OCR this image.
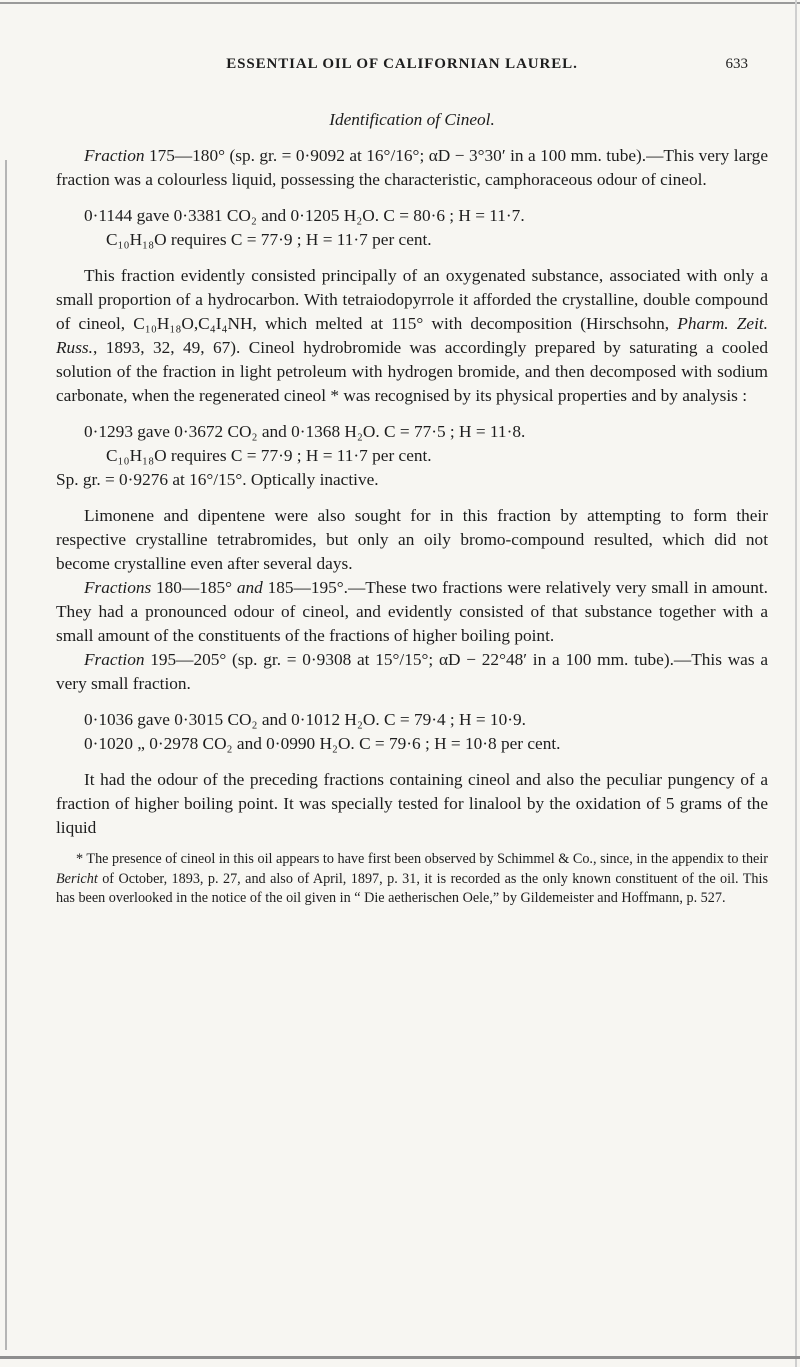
ESSENTIAL OIL OF CALIFORNIAN LAUREL.	633
Identification of Cineol.

Fraction 175—180° (sp. gr. = 0·9092 at 16°/16°; αD − 3°30′ in a 100 mm. tube).—This very large fraction was a colourless liquid, possessing the characteristic, camphoraceous odour of cineol.

0·1144 gave 0·3381 CO₂ and 0·1205 H₂O. C = 80·6 ; H = 11·7.
C₁₀H₁₈O requires C = 77·9 ; H = 11·7 per cent.

This fraction evidently consisted principally of an oxygenated substance, associated with only a small proportion of a hydrocarbon. With tetraiodopyrrole it afforded the crystalline, double compound of cineol, C₁₀H₁₈O,C₄I₄NH, which melted at 115° with decomposition (Hirschsohn, Pharm. Zeit. Russ., 1893, 32, 49, 67). Cineol hydrobromide was accordingly prepared by saturating a cooled solution of the fraction in light petroleum with hydrogen bromide, and then decomposed with sodium carbonate, when the regenerated cineol * was recognised by its physical properties and by analysis :

0·1293 gave 0·3672 CO₂ and 0·1368 H₂O. C = 77·5 ; H = 11·8.
C₁₀H₁₈O requires C = 77·9 ; H = 11·7 per cent.
Sp. gr. = 0·9276 at 16°/15°. Optically inactive.

Limonene and dipentene were also sought for in this fraction by attempting to form their respective crystalline tetrabromides, but only an oily bromo-compound resulted, which did not become crystalline even after several days.

Fractions 180—185° and 185—195°.—These two fractions were relatively very small in amount. They had a pronounced odour of cineol, and evidently consisted of that substance together with a small amount of the constituents of the fractions of higher boiling point.

Fraction 195—205° (sp. gr. = 0·9308 at 15°/15°; αD − 22°48′ in a 100 mm. tube).—This was a very small fraction.

0·1036 gave 0·3015 CO₂ and 0·1012 H₂O. C = 79·4 ; H = 10·9.
0·1020 „ 0·2978 CO₂ and 0·0990 H₂O. C = 79·6 ; H = 10·8 per cent.

It had the odour of the preceding fractions containing cineol and also the peculiar pungency of a fraction of higher boiling point. It was specially tested for linalool by the oxidation of 5 grams of the liquid

* The presence of cineol in this oil appears to have first been observed by Schimmel & Co., since, in the appendix to their Bericht of October, 1893, p. 27, and also of April, 1897, p. 31, it is recorded as the only known constituent of the oil. This has been overlooked in the notice of the oil given in “ Die aetherischen Oele,” by Gildemeister and Hoffmann, p. 527.
